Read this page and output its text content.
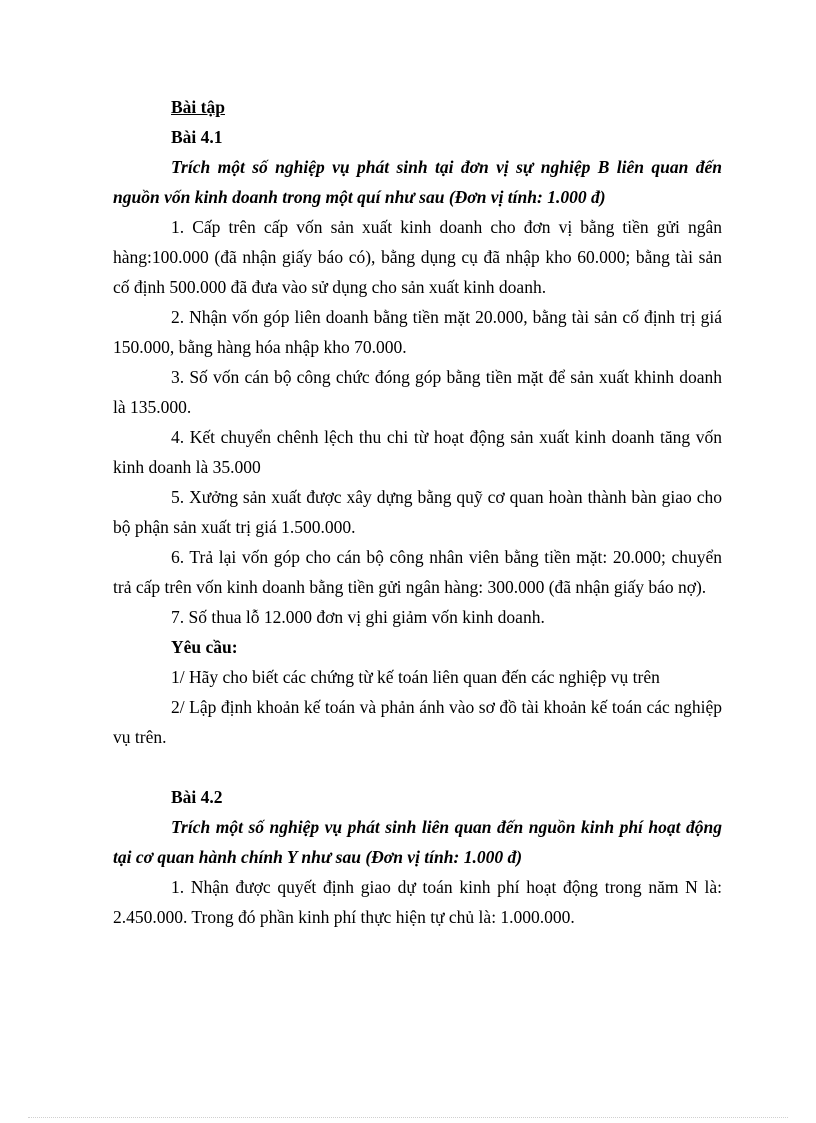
Bài tập

Bài 4.1

Trích một số nghiệp vụ phát sinh tại đơn vị sự nghiệp B liên quan đến nguồn vốn kinh doanh trong một quí như sau (Đơn vị tính: 1.000 đ)

1. Cấp trên cấp vốn sản xuất kinh doanh cho đơn vị bằng tiền gửi ngân hàng:100.000 (đã nhận giấy báo có), bằng dụng cụ đã nhập kho 60.000; bằng tài sản cố định 500.000 đã đưa vào sử dụng cho sản xuất kinh doanh.

2. Nhận vốn góp liên doanh bằng tiền mặt 20.000, bằng tài sản cố định trị giá 150.000, bằng hàng hóa nhập kho 70.000.

3. Số vốn cán bộ công chức đóng góp bằng tiền mặt để sản xuất khinh doanh là 135.000.

4. Kết chuyển chênh lệch thu chi từ hoạt động sản xuất kinh doanh tăng vốn kinh doanh là 35.000

5. Xưởng sản xuất được xây dựng bằng quỹ cơ quan hoàn thành bàn giao cho bộ phận sản xuất trị giá 1.500.000.

6. Trả lại vốn góp cho cán bộ công nhân viên bằng tiền mặt: 20.000; chuyển trả cấp trên vốn kinh doanh bằng tiền gửi ngân hàng: 300.000 (đã nhận giấy báo nợ).

7. Số thua lỗ 12.000 đơn vị ghi giảm vốn kinh doanh.

Yêu cầu:

1/ Hãy cho biết các chứng từ kế toán liên quan đến các nghiệp vụ trên

2/ Lập định khoản kế toán và phản ánh vào sơ đồ tài khoản kế toán các nghiệp vụ trên.

Bài 4.2

Trích một số nghiệp vụ phát sinh liên quan đến nguồn kinh phí hoạt động tại cơ quan hành chính Y như sau (Đơn vị tính: 1.000 đ)

1. Nhận được quyết định giao dự toán kinh phí hoạt động trong năm N là: 2.450.000. Trong đó phần kinh phí thực hiện tự chủ là: 1.000.000.
